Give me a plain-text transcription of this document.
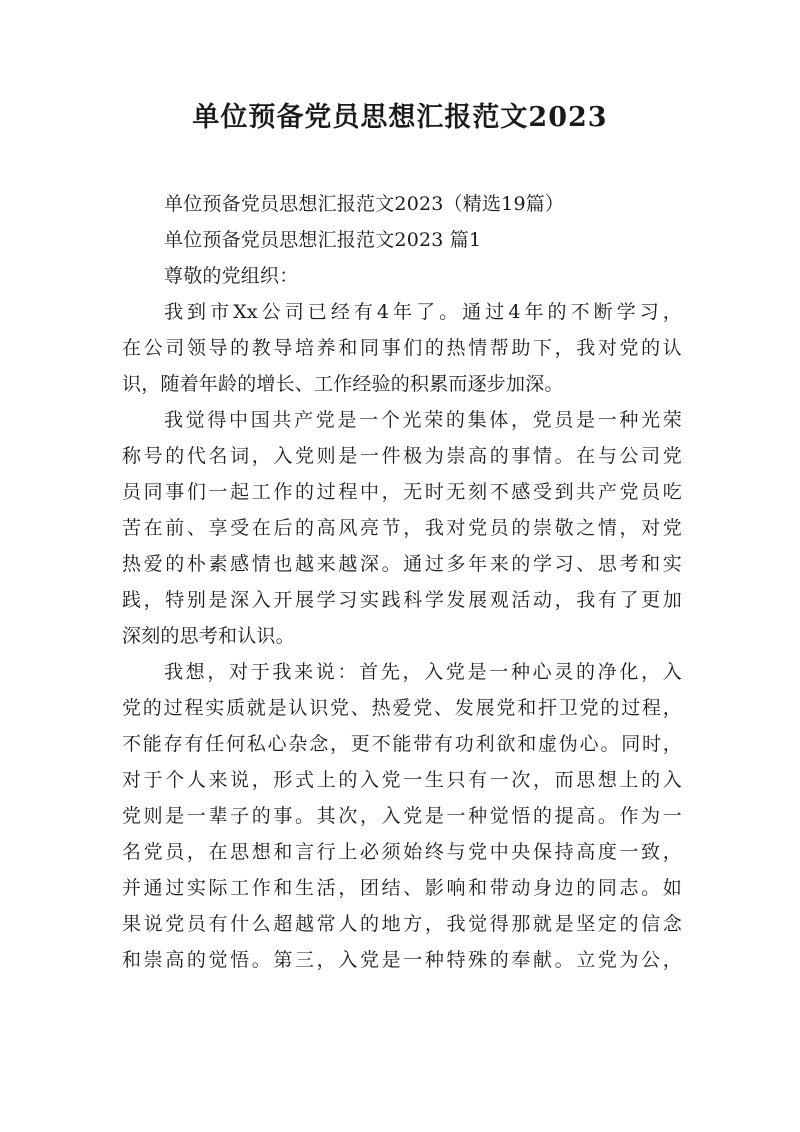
单位预备党员思想汇报范文2023
单位预备党员思想汇报范文2023（精选19篇）
单位预备党员思想汇报范文2023 篇1
尊敬的党组织：
我到市Xx公司已经有4年了。通过4年的不断学习，
在公司领导的教导培养和同事们的热情帮助下，我对党的认
识，随着年龄的增长、工作经验的积累而逐步加深。
我觉得中国共产党是一个光荣的集体，党员是一种光荣
称号的代名词，入党则是一件极为崇高的事情。在与公司党
员同事们一起工作的过程中，无时无刻不感受到共产党员吃
苦在前、享受在后的高风亮节，我对党员的崇敬之情，对党
热爱的朴素感情也越来越深。通过多年来的学习、思考和实
践，特别是深入开展学习实践科学发展观活动，我有了更加
深刻的思考和认识。
我想，对于我来说：首先，入党是一种心灵的净化，入
党的过程实质就是认识党、热爱党、发展党和扞卫党的过程，
不能存有任何私心杂念，更不能带有功利欲和虚伪心。同时，
对于个人来说，形式上的入党一生只有一次，而思想上的入
党则是一辈子的事。其次，入党是一种觉悟的提高。作为一
名党员，在思想和言行上必须始终与党中央保持高度一致，
并通过实际工作和生活，团结、影响和带动身边的同志。如
果说党员有什么超越常人的地方，我觉得那就是坚定的信念
和崇高的觉悟。第三，入党是一种特殊的奉献。立党为公，
